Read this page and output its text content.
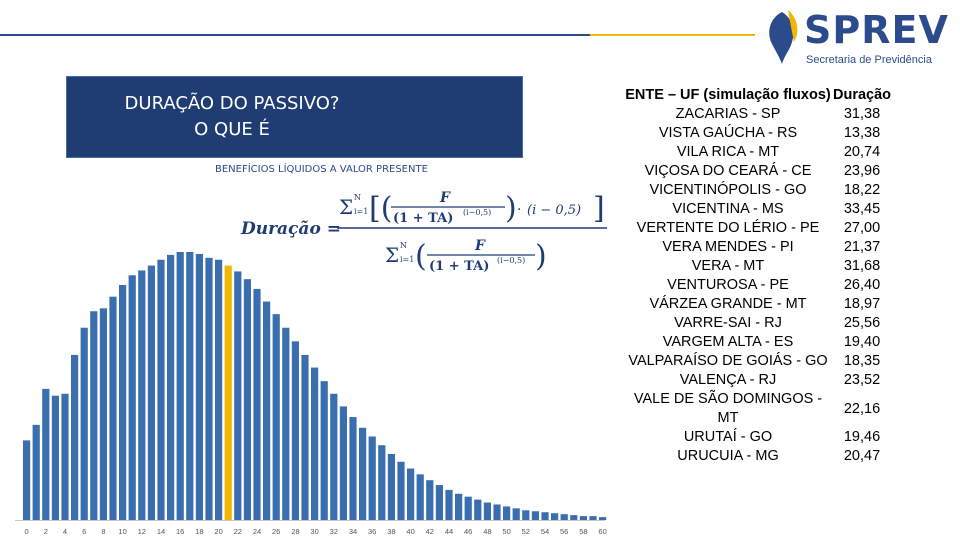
SPREV
Secretaria de Previdência
DURAÇÃO DO PASSIVO?
O QUE É
BENEFÍCIOS LÍQUIDOS A VALOR PRESENTE
Duração =
Σ i=1
N [(	F
(1 + TA) (i−0,5) ) · (i − 0,5) ]
Σ i=1
N (	F
(1 + TA) (i−0,5) )
0 2 4 6 8 10 12 14 16 18 20 22 24 26 28 30 32 34 36 38 40 42 44 46 48 50 52 54 56 58 60
ENTE – UF (simulação fluxos)	Duração
ZACARIAS - SP	31,38
VISTA GAÚCHA - RS	13,38
VILA RICA - MT	20,74
VIÇOSA DO CEARÁ - CE	23,96
VICENTINÓPOLIS - GO	18,22
VICENTINA - MS	33,45
VERTENTE DO LÉRIO - PE	27,00
VERA MENDES - PI	21,37
VERA - MT	31,68
VENTUROSA - PE	26,40
VÁRZEA GRANDE - MT	18,97
VARRE-SAI - RJ	25,56
VARGEM ALTA - ES	19,40
VALPARAÍSO DE GOIÁS - GO	18,35
VALENÇA - RJ	23,52
VALE DE SÃO DOMINGOS - MT	22,16
URUTAÍ - GO	19,46
URUCUIA - MG	20,47
